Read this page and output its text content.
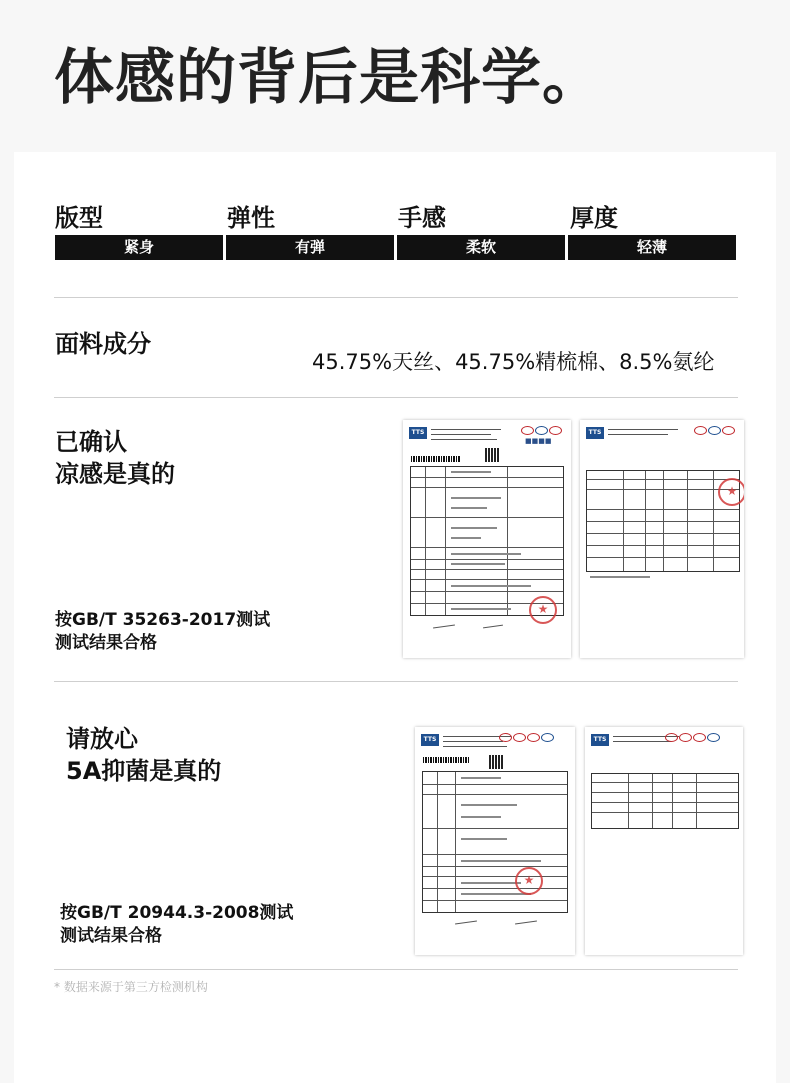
体感的背后是科学。
版型	弹性	手感	厚度
紧身	有弹	柔软	轻薄
面料成分
45.75%天丝、45.75%精梳棉、8.5%氨纶
已确认
凉感是真的
按GB/T 35263-2017测试
测试结果合格
TTS
■■■■
★
TTS
★
请放心
5A抑菌是真的
按GB/T 20944.3-2008测试
测试结果合格
TTS
★
TTS
* 数据来源于第三方检测机构
